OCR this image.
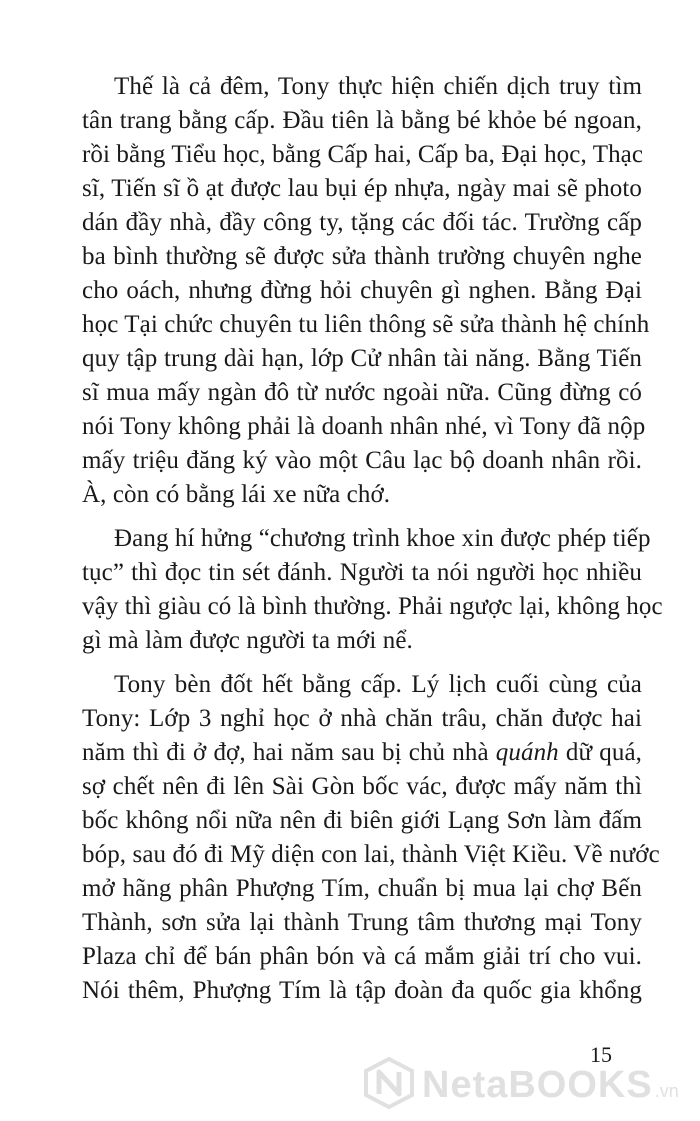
Thế là cả đêm, Tony thực hiện chiến dịch truy tìm
tân trang bằng cấp. Đầu tiên là bằng bé khỏe bé ngoan,
rồi bằng Tiểu học, bằng Cấp hai, Cấp ba, Đại học, Thạc
sĩ, Tiến sĩ ồ ạt được lau bụi ép nhựa, ngày mai sẽ photo
dán đầy nhà, đầy công ty, tặng các đối tác. Trường cấp
ba bình thường sẽ được sửa thành trường chuyên nghe
cho oách, nhưng đừng hỏi chuyên gì nghen. Bằng Đại
học Tại chức chuyên tu liên thông sẽ sửa thành hệ chính
quy tập trung dài hạn, lớp Cử nhân tài năng. Bằng Tiến
sĩ mua mấy ngàn đô từ nước ngoài nữa. Cũng đừng có
nói Tony không phải là doanh nhân nhé, vì Tony đã nộp
mấy triệu đăng ký vào một Câu lạc bộ doanh nhân rồi.
À, còn có bằng lái xe nữa chớ.
Đang hí hửng “chương trình khoe xin được phép tiếp
tục” thì đọc tin sét đánh. Người ta nói người học nhiều
vậy thì giàu có là bình thường. Phải ngược lại, không học
gì mà làm được người ta mới nể.
Tony bèn đốt hết bằng cấp. Lý lịch cuối cùng của
Tony: Lớp 3 nghỉ học ở nhà chăn trâu, chăn được hai
năm thì đi ở đợ, hai năm sau bị chủ nhà quánh dữ quá,
sợ chết nên đi lên Sài Gòn bốc vác, được mấy năm thì
bốc không nổi nữa nên đi biên giới Lạng Sơn làm đấm
bóp, sau đó đi Mỹ diện con lai, thành Việt Kiều. Về nước
mở hãng phân Phượng Tím, chuẩn bị mua lại chợ Bến
Thành, sơn sửa lại thành Trung tâm thương mại Tony
Plaza chỉ để bán phân bón và cá mắm giải trí cho vui.
Nói thêm, Phượng Tím là tập đoàn đa quốc gia khổng
15
NetaBOOKS .vn
